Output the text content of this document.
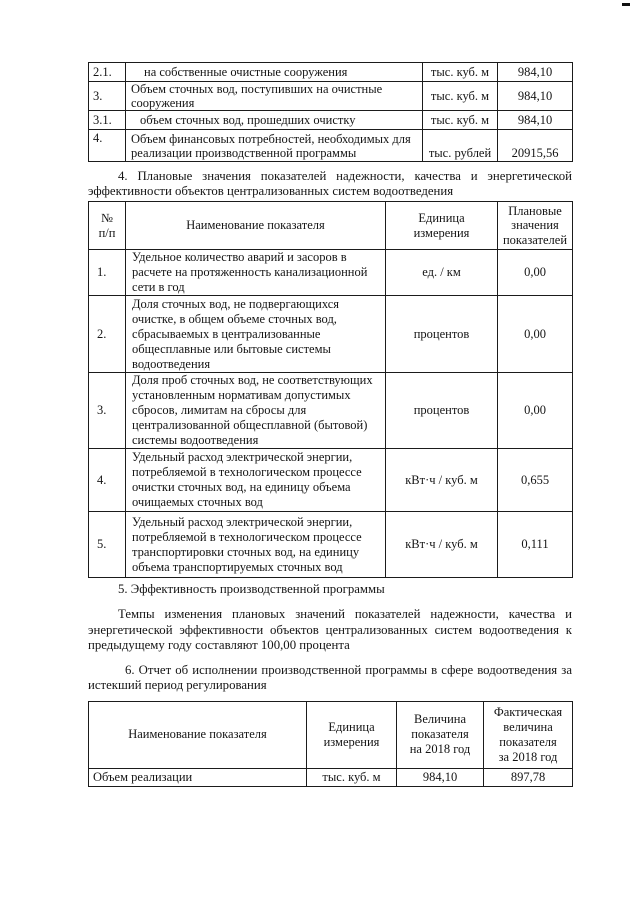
2.1.	на собственные очистные сооружения	тыс. куб. м	984,10
3.	Объем сточных вод, поступивших на очистные сооружения	тыс. куб. м	984,10
3.1.	объем сточных вод, прошедших очистку	тыс. куб. м	984,10
4.	Объем финансовых потребностей, необходимых для реализации производственной программы	тыс. рублей	20915,56

4. Плановые значения показателей надежности, качества и энергетической эффективности объектов централизованных систем водоотведения

№ п/п	Наименование показателя	Единица измерения	Плановые значения показателей
1.	Удельное количество аварий и засоров в расчете на протяженность канализационной сети в год	ед. / км	0,00
2.	Доля сточных вод, не подвергающихся очистке, в общем объеме сточных вод, сбрасываемых в централизованные общесплавные или бытовые системы водоотведения	процентов	0,00
3.	Доля проб сточных вод, не соответствующих установленным нормативам допустимых сбросов, лимитам на сбросы для централизованной общесплавной (бытовой) системы водоотведения	процентов	0,00
4.	Удельный расход электрической энергии, потребляемой в технологическом процессе очистки сточных вод, на единицу объема очищаемых сточных вод	кВт·ч / куб. м	0,655
5.	Удельный расход электрической энергии, потребляемой в технологическом процессе транспортировки сточных вод, на единицу объема транспортируемых сточных вод	кВт·ч / куб. м	0,111

5. Эффективность производственной программы

Темпы изменения плановых значений показателей надежности, качества и энергетической эффективности объектов централизованных систем водоотведения к предыдущему году составляют 100,00 процента

6. Отчет об исполнении производственной программы в сфере водоотведения за истекший период регулирования

Наименование показателя	Единица измерения	Величина показателя на 2018 год	Фактическая величина показателя за 2018 год
Объем реализации	тыс. куб. м	984,10	897,78
